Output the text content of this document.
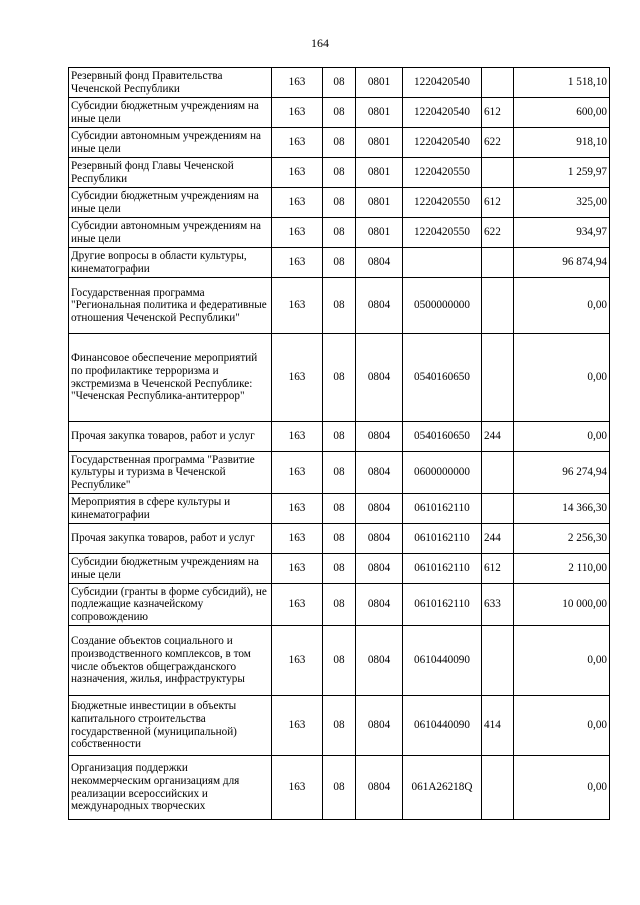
164
Резервный фонд Правительства Чеченской Республики	163	08	0801	1220420540		1 518,10
Субсидии бюджетным учреждениям на иные цели	163	08	0801	1220420540	612	600,00
Субсидии автономным учреждениям на иные цели	163	08	0801	1220420540	622	918,10
Резервный фонд Главы Чеченской Республики	163	08	0801	1220420550		1 259,97
Субсидии бюджетным учреждениям на иные цели	163	08	0801	1220420550	612	325,00
Субсидии автономным учреждениям на иные цели	163	08	0801	1220420550	622	934,97
Другие вопросы в области культуры, кинематографии	163	08	0804			96 874,94
Государственная программа "Региональная политика и федеративные отношения Чеченской Республики"	163	08	0804	0500000000		0,00
Финансовое обеспечение мероприятий по профилактике терроризма и экстремизма в Чеченской Республике: "Чеченская Республика-антитеррор"	163	08	0804	0540160650		0,00
Прочая закупка товаров, работ и услуг	163	08	0804	0540160650	244	0,00
Государственная программа "Развитие культуры и туризма в Чеченской Республике"	163	08	0804	0600000000		96 274,94
Мероприятия в сфере культуры и кинематографии	163	08	0804	0610162110		14 366,30
Прочая закупка товаров, работ и услуг	163	08	0804	0610162110	244	2 256,30
Субсидии бюджетным учреждениям на иные цели	163	08	0804	0610162110	612	2 110,00
Субсидии (гранты в форме субсидий), не подлежащие казначейскому сопровождению	163	08	0804	0610162110	633	10 000,00
Создание объектов социального и производственного комплексов, в том числе объектов общегражданского назначения, жилья, инфраструктуры	163	08	0804	0610440090		0,00
Бюджетные инвестиции в объекты капитального строительства государственной (муниципальной) собственности	163	08	0804	0610440090	414	0,00
Организация поддержки некоммерческим организациям для реализации всероссийских и международных творческих	163	08	0804	061А26218Q		0,00
